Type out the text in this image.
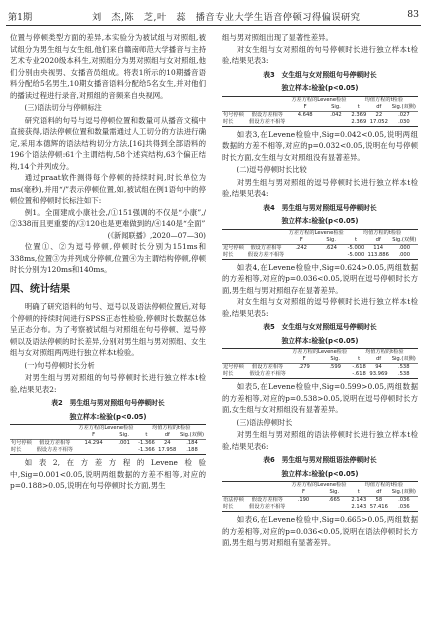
第1期	刘　杰,陈　芝,叶　蕊　播音专业大学生语音停顿习得偏误研究	83

位置与停顿类型方面的差异,本实验分为被试组与对照组,被试组分为男生组与女生组,他们来自赣南师范大学播音与主持艺术专业2020级本科生,对照组分为男对照组与女对照组,他们分别由央视男、女播音员组成。将表1所示的10期播音语料分配给5名男生,10期女播音语料分配给5名女生,并对他们的播读过程进行录音,对照组的音频来自央视网。

(三)语法切分与停顿标注

研究语料的句号与逗号停顿位置和数量可从播音文稿中直接获得,语法停顿位置和数量需通过人工切分的方法进行确定,采用本德辉的语法结构切分方法,[16]共得到全部语料的196个语法停顿:61个主谓结构,58个述宾结构,63个偏正结构,14个并列成分。

通过praat软件测得每个停顿的持续时间,时长单位为ms(毫秒),并用“/”表示停顿位置,如,被试组在例1语句中的停顿位置和停顿时长标注如下:

例1。全面建成小康社会,/①151强调的不仅是“小康”,/②338而且更重要的/③120也是更难做到的/④140是“全面”

(《新闻联播》,2020—07—30)

位置①、②为逗号停顿,停顿时长分别为151ms和338ms,位置③为并列成分停顿,位置④为主谓结构停顿,停顿时长分别为120ms和140ms。

四、统计结果

明确了研究语料的句号、逗号以及语法停顿位置后,对每个停顿的持续时间进行SPSS正态性检验,停顿时长数据总体呈正态分布。为了考察被试组与对照组在句号停顿、逗号停顿以及语法停顿的时长差异,分别对男生组与男对照组、女生组与女对照组两两进行独立样本t检验。

(一)句号停顿时长分析

对男生组与男对照组的句号停顿时长进行独立样本t检验,结果见表2:

表2　男生组与男对照组句号停顿时长
独立样本:检验(p<0.05)
		方差方程的Levene检验		均值方程的t检验		
		F	Sig.	t	df	Sig.(双侧)
句号停顿	假设方差相等	14.294	.001	-1.366	24	.184
时长	假设方差不相等			-1.366	17.958	.188

如表2,在方差方程的Levene检验中,Sig=0.001<0.05,说明两组数据的方差不相等,对应的p=0.188>0.05,说明在句号停顿时长方面,男生

组与男对照组出现了显著性差异。

对女生组与女对照组的句号停顿时长进行独立样本t检验,结果见表3:

表3　女生组与女对照组句号停顿时长
独立样本:检验(p<0.05)
		方差方程的Levene检验		均值方程的t检验		
		F	Sig.	t	df	Sig.(双侧)
句号停顿	假设方差相等	4.648	.042	2.369	22	.027
时长	假设方差不相等			2.369	17.052	.030

如表3,在Levene检验中,Sig=0.042<0.05,说明两组数据的方差不相等,对应的p=0.032<0.05,说明在句号停顿时长方面,女生组与女对照组没有显著差异。

(二)逗号停顿时长比较

对男生组与男对照组的逗号停顿时长进行独立样本t检验,结果见表4:

表4　男生组与男对照组逗号停顿时长
独立样本:检验(p<0.05)
		方差方程的Levene检验		均值方程的t检验		
		F	Sig.	t	df	Sig.(双侧)
逗号停顿	假设方差相等	.242	.624	-5.000	114	.000
时长	假设方差不相等			-5.000	113.886	.000

如表4,在Levene检验中,Sig=0.624>0.05,两组数据的方差相等,对应的p=0.036<0.05,说明在逗号停顿时长方面,男生组与男对照组存在显著差异。

对女生组与女对照组的逗号停顿时长进行独立样本t检验,结果见表5:

表5　女生组与女对照组逗号停顿时长
独立样本:检验(p<0.05)
		方差方程的Levene检验		均值方程的t检验		
		F	Sig.	t	df	Sig.(双侧)
逗号停顿	假设方差相等	.279	.599	-.618	94	.538
时长	假设方差不相等			-.618	93.969	.538

如表5,在Levene检验中,Sig=0.599>0.05,两组数据的方差相等,对应的p=0.538>0.05,说明在逗号停顿时长方面,女生组与女对照组没有显著差异。

(三)语法停顿时长

对男生组与男对照组的语法停顿时长进行独立样本t检验,结果见表6:

表6　男生组与男对照组语法停顿时长
独立样本:检验(p<0.05)
		方差方程的Levene检验		均值方程的t检验		
		F	Sig.	t	df	Sig.(双侧)
语法停顿	假设方差相等	.190	.665	2.143	58	.036
时长	假设方差不相等			2.143	57.416	.036

如表6,在Levene检验中,Sig=0.665>0.05,两组数据的方差相等,对应的p=0.036<0.05,说明在语法停顿时长方面,男生组与男对照组有显著差异。
